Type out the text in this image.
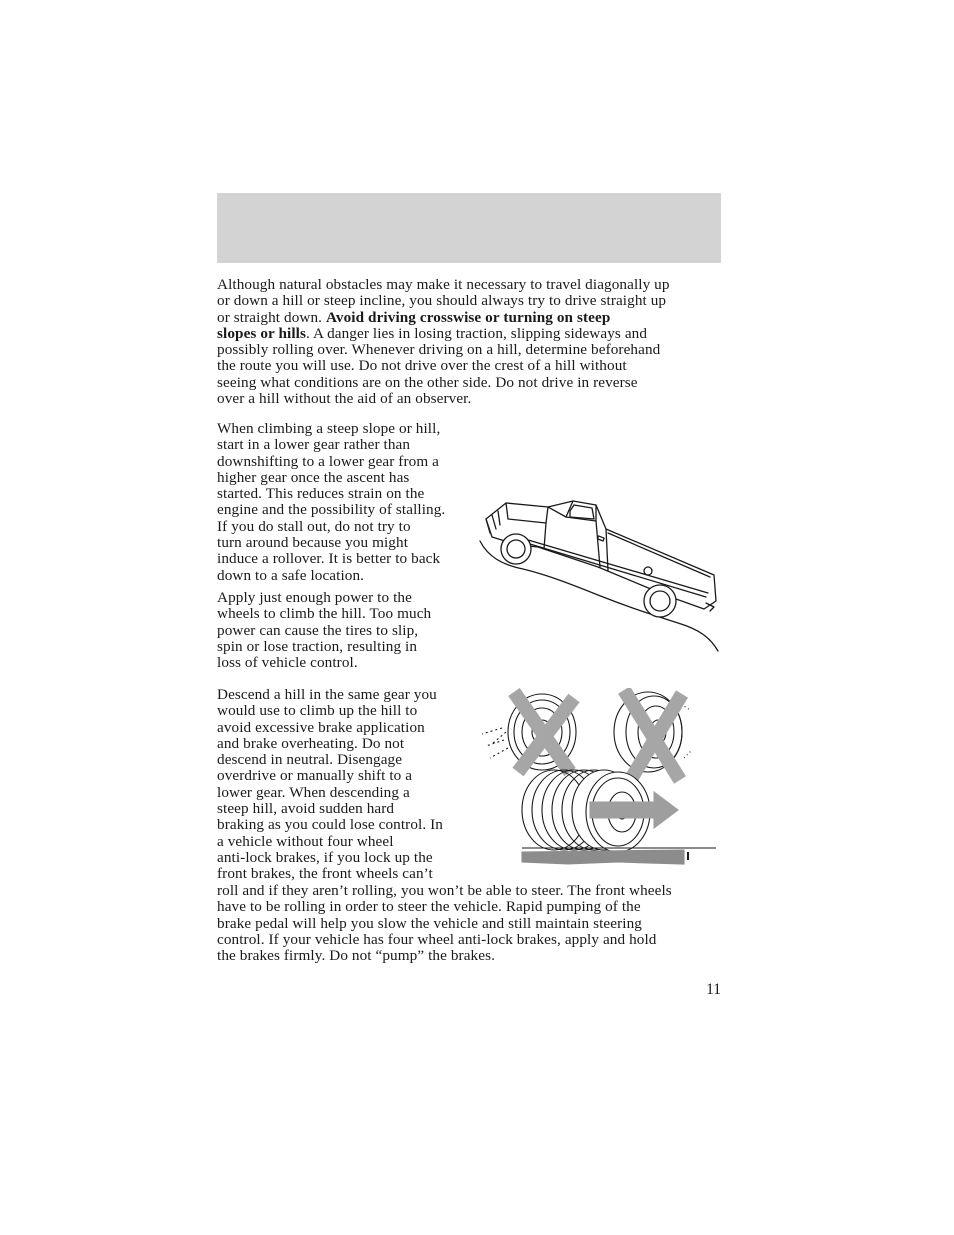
Although natural obstacles may make it necessary to travel diagonally up
or down a hill or steep incline, you should always try to drive straight up
or straight down. Avoid driving crosswise or turning on steep
slopes or hills. A danger lies in losing traction, slipping sideways and
possibly rolling over. Whenever driving on a hill, determine beforehand
the route you will use. Do not drive over the crest of a hill without
seeing what conditions are on the other side. Do not drive in reverse
over a hill without the aid of an observer.
When climbing a steep slope or hill,
start in a lower gear rather than
downshifting to a lower gear from a
higher gear once the ascent has
started. This reduces strain on the
engine and the possibility of stalling.
If you do stall out, do not try to
turn around because you might
induce a rollover. It is better to back
down to a safe location.
Apply just enough power to the
wheels to climb the hill. Too much
power can cause the tires to slip,
spin or lose traction, resulting in
loss of vehicle control.
Descend a hill in the same gear you
would use to climb up the hill to
avoid excessive brake application
and brake overheating. Do not
descend in neutral. Disengage
overdrive or manually shift to a
lower gear. When descending a
steep hill, avoid sudden hard
braking as you could lose control. In
a vehicle without four wheel
anti-lock brakes, if you lock up the
front brakes, the front wheels can’t
roll and if they aren’t rolling, you won’t be able to steer. The front wheels
have to be rolling in order to steer the vehicle. Rapid pumping of the
brake pedal will help you slow the vehicle and still maintain steering
control. If your vehicle has four wheel anti-lock brakes, apply and hold
the brakes firmly. Do not “pump” the brakes.
11
